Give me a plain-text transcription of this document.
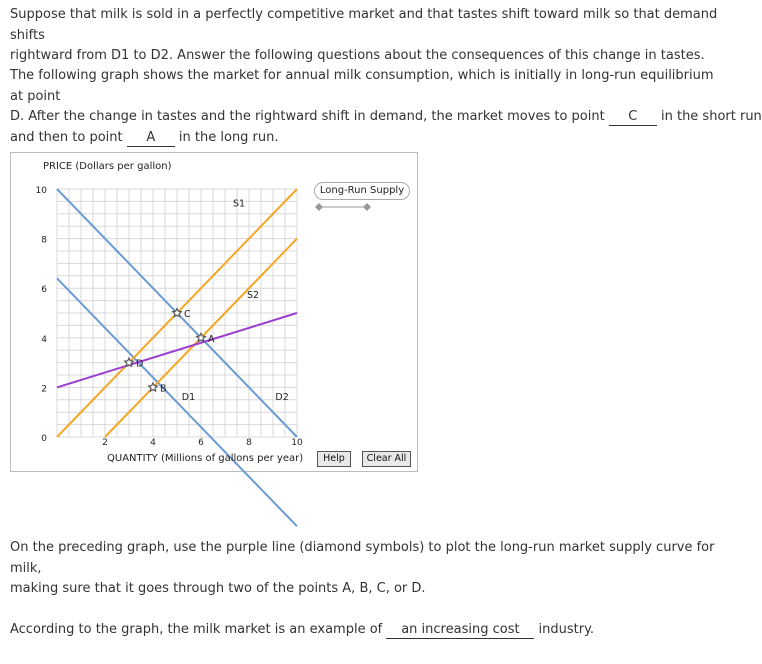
Suppose that milk is sold in a perfectly competitive market and that tastes shift toward milk so that demand shifts
rightward from D1 to D2. Answer the following questions about the consequences of this change in tastes.

The following graph shows the market for annual milk consumption, which is initially in long-run equilibrium at point
D. After the change in tastes and the rightward shift in demand, the market moves to point C in the short run
and then to point A in the long run.

PRICE (Dollars per gallon)
10
8
6
4
2
0	2	4	6	8	10
S1
S2
D1	D2
A
B
C
D
QUANTITY (Millions of gallons per year)
Long-Run Supply
Help	Clear All

On the preceding graph, use the purple line (diamond symbols) to plot the long-run market supply curve for milk,
making sure that it goes through two of the points A, B, C, or D.

According to the graph, the milk market is an example of an increasing cost industry.
